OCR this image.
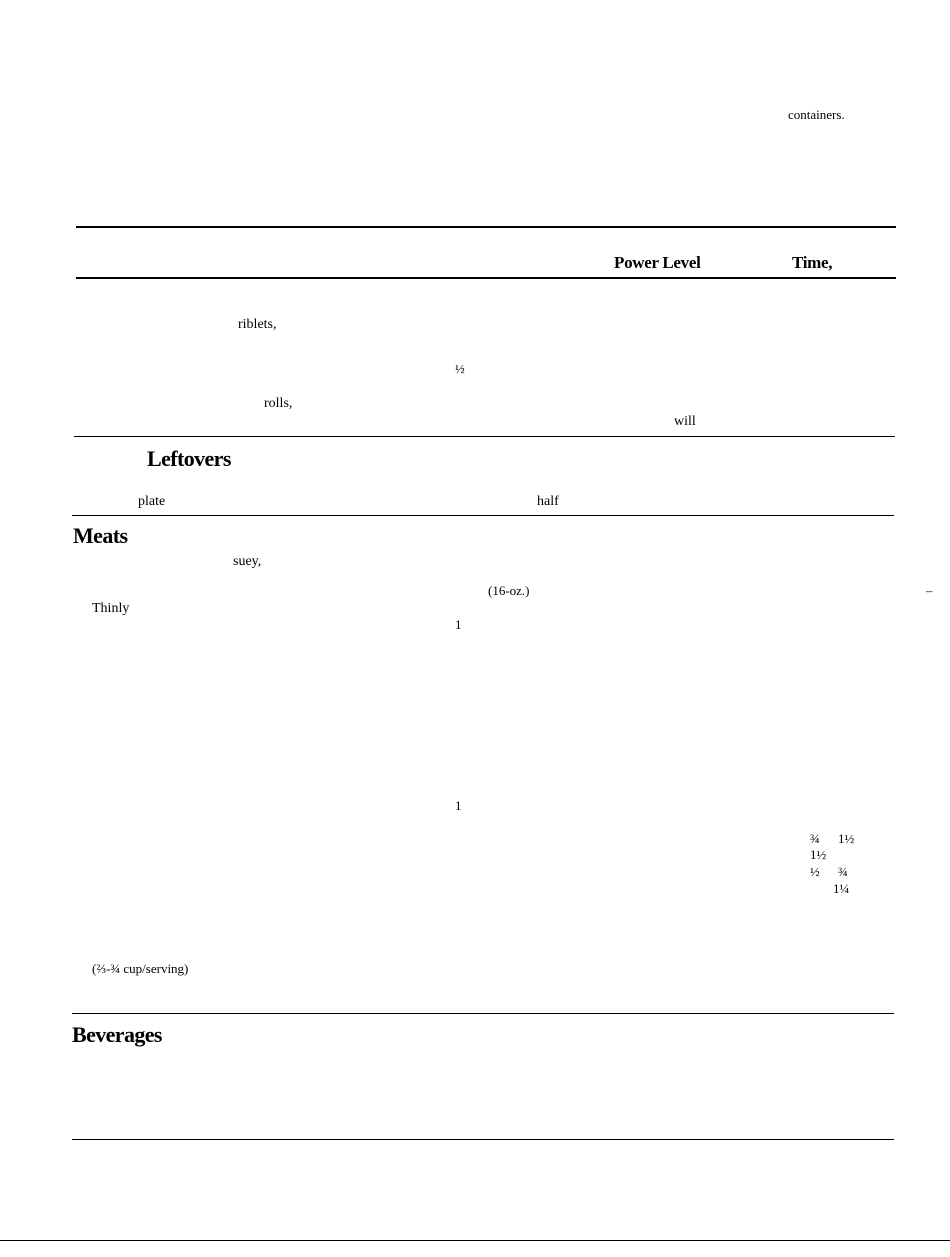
containers.
Power Level	Time,
riblets,
½
rolls,
will
Leftovers
plate	half
Meats
suey,
(16-oz.)
Thinly
1
1
¾ 1½
1½
½ ¾
1¼
(⅔-¾ cup/serving)
Beverages
–
